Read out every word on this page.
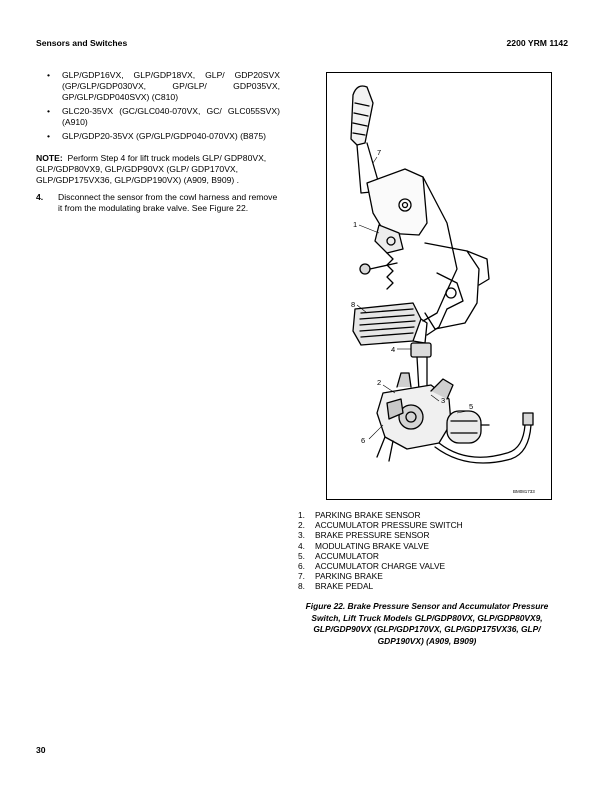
Sensors and Switches	2200 YRM 1142
• GLP/GDP16VX, GLP/GDP18VX, GLP/ GDP20SVX (GP/GLP/GDP030VX, GP/GLP/ GDP035VX, GP/GLP/GDP040SVX) (C810)
• GLC20-35VX (GC/GLC040-070VX, GC/ GLC055SVX) (A910)
• GLP/GDP20-35VX (GP/GLP/GDP040-070VX) (B875)
NOTE: Perform Step 4 for lift truck models GLP/ GDP80VX, GLP/GDP80VX9, GLP/GDP90VX (GLP/ GDP170VX, GLP/GDP175VX36, GLP/GDP190VX) (A909, B909) .
4. Disconnect the sensor from the cowl harness and remove it from the modulating brake valve. See Figure 22.
7
1
8
4
2
3
5
6
BM081733
1. PARKING BRAKE SENSOR
2. ACCUMULATOR PRESSURE SWITCH
3. BRAKE PRESSURE SENSOR
4. MODULATING BRAKE VALVE
5. ACCUMULATOR
6. ACCUMULATOR CHARGE VALVE
7. PARKING BRAKE
8. BRAKE PEDAL
Figure 22. Brake Pressure Sensor and Accumulator Pressure Switch, Lift Truck Models GLP/GDP80VX, GLP/GDP80VX9, GLP/GDP90VX (GLP/GDP170VX, GLP/GDP175VX36, GLP/ GDP190VX) (A909, B909)
30
